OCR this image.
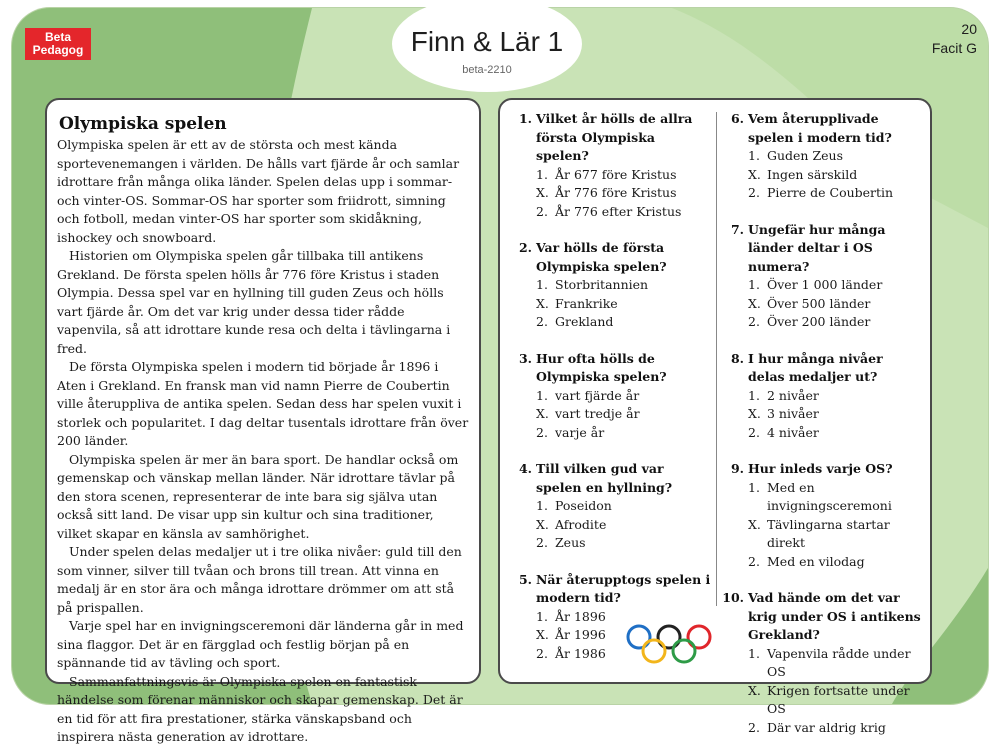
Beta
Pedagog	Finn & Lär 1
beta-2210
20
Facit G
Olympiska spelen

Olympiska spelen är ett av de största och mest kända sportevenemangen i världen. De hålls vart fjärde år och samlar idrottare från många olika länder. Spelen delas upp i sommar- och vinter-OS. Sommar-OS har sporter som friidrott, simning och fotboll, medan vinter-OS har sporter som skidåkning, ishockey och snowboard.

Historien om Olympiska spelen går tillbaka till antikens Grekland. De första spelen hölls år 776 före Kristus i staden Olympia. Dessa spel var en hyllning till guden Zeus och hölls vart fjärde år. Om det var krig under dessa tider rådde vapenvila, så att idrottare kunde resa och delta i tävlingarna i fred.

De första Olympiska spelen i modern tid började år 1896 i Aten i Grekland. En fransk man vid namn Pierre de Coubertin ville återuppliva de antika spelen. Sedan dess har spelen vuxit i storlek och popularitet. I dag deltar tusentals idrottare från över 200 länder.

Olympiska spelen är mer än bara sport. De handlar också om gemenskap och vänskap mellan länder. När idrottare tävlar på den stora scenen, representerar de inte bara sig själva utan också sitt land. De visar upp sin kultur och sina traditioner, vilket skapar en känsla av samhörighet.

Under spelen delas medaljer ut i tre olika nivåer: guld till den som vinner, silver till tvåan och brons till trean. Att vinna en medalj är en stor ära och många idrottare drömmer om att stå på prispallen.

Varje spel har en invigningsceremoni där länderna går in med sina flaggor. Det är en färgglad och festlig början på en spännande tid av tävling och sport.

Sammanfattningsvis är Olympiska spelen en fantastisk händelse som förenar människor och skapar gemenskap. Det är en tid för att fira prestationer, stärka vänskapsband och inspirera nästa generation av idrottare.

1. Vilket år hölls de allra första Olympiska spelen?
1. År 677 före Kristus
X. År 776 före Kristus
2. År 776 efter Kristus
2. Var hölls de första Olympiska spelen?
1. Storbritannien
X. Frankrike
2. Grekland
3. Hur ofta hölls de Olympiska spelen?
1. vart fjärde år
X. vart tredje år
2. varje år
4. Till vilken gud var spelen en hyllning?
1. Poseidon
X. Afrodite
2. Zeus
5. När återupptogs spelen i modern tid?
1. År 1896
X. År 1996
2. År 1986
6. Vem återupplivade spelen i modern tid?
1. Guden Zeus
X. Ingen särskild
2. Pierre de Coubertin
7. Ungefär hur många länder deltar i OS numera?
1. Över 1 000 länder
X. Över 500 länder
2. Över 200 länder
8. I hur många nivåer delas medaljer ut?
1. 2 nivåer
X. 3 nivåer
2. 4 nivåer
9. Hur inleds varje OS?
1. Med en invigningsceremoni
X. Tävlingarna startar direkt
2. Med en vilodag
10. Vad hände om det var krig under OS i antikens Grekland?
1. Vapenvila rådde under OS
X. Krigen fortsatte under OS
2. Där var aldrig krig
